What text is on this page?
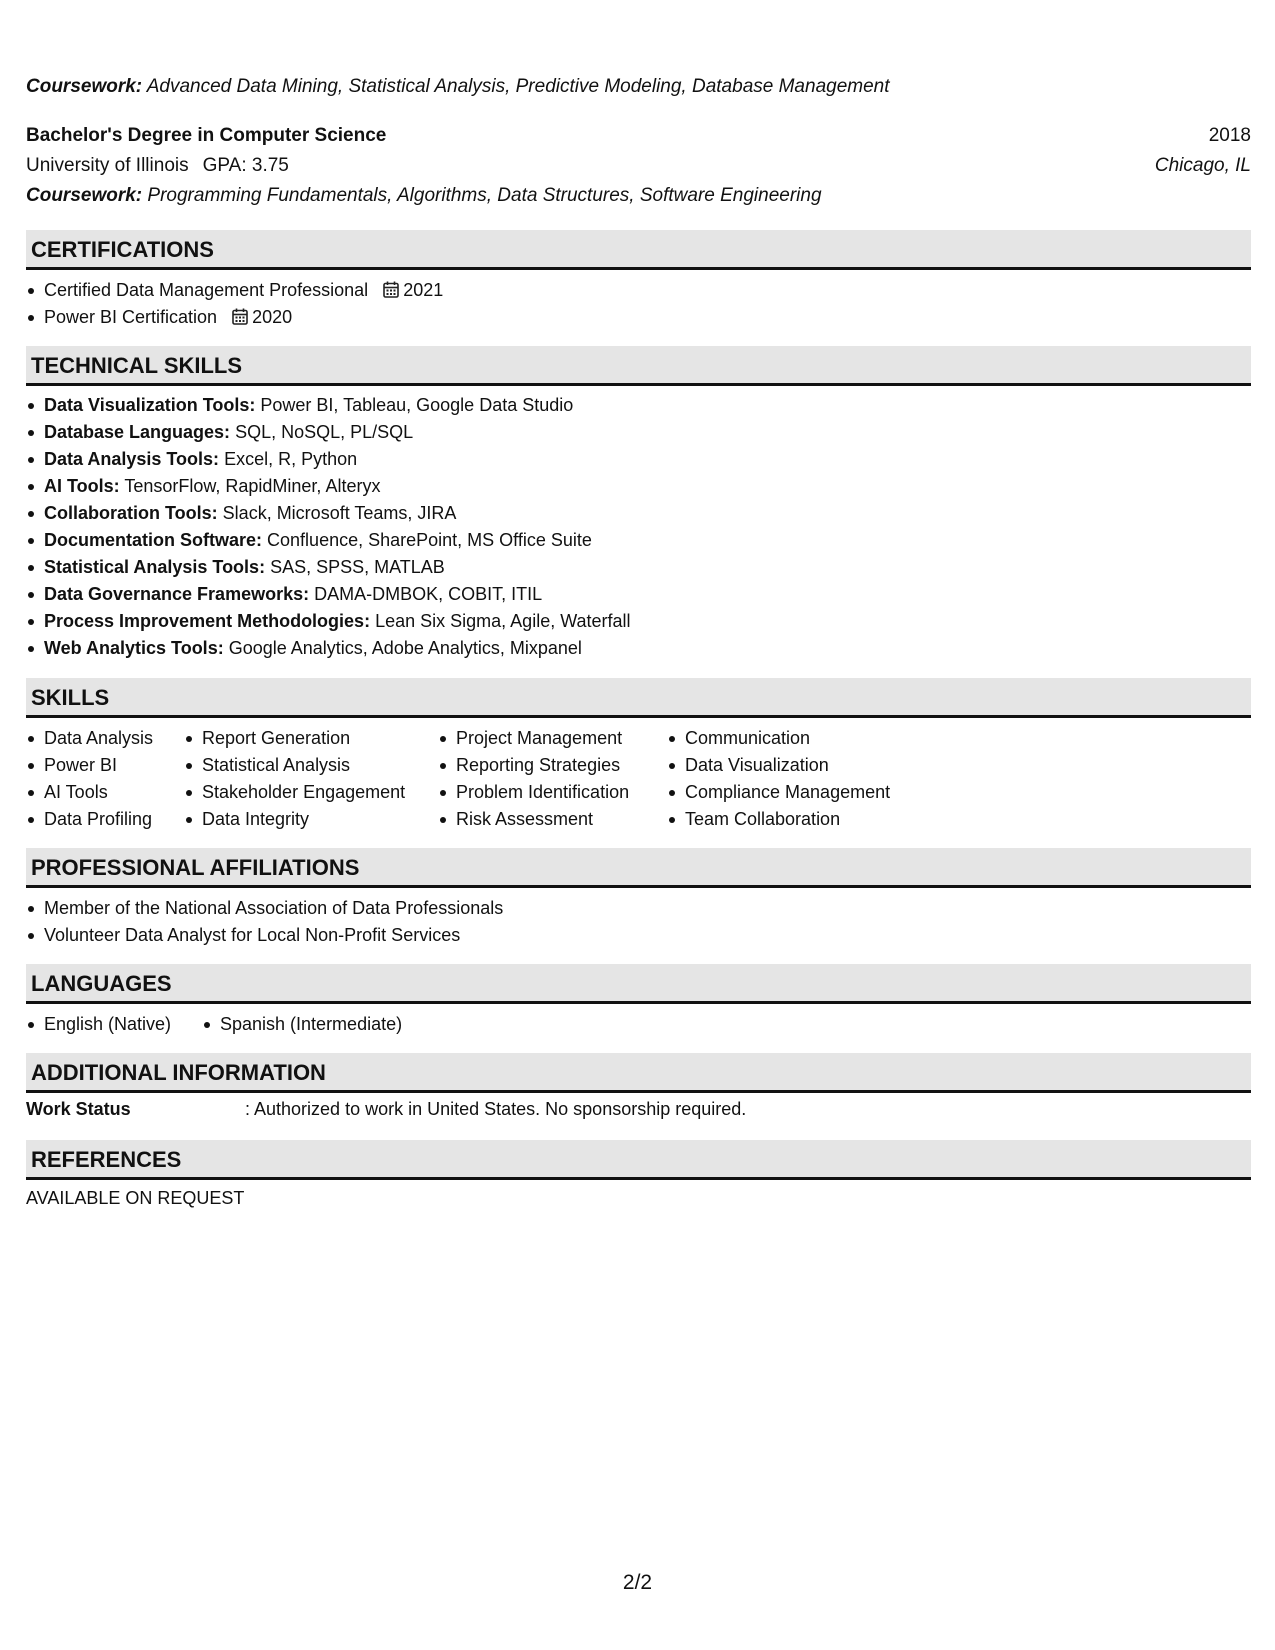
Coursework: Advanced Data Mining, Statistical Analysis, Predictive Modeling, Database Management
Bachelor's Degree in Computer Science	2018
University of Illinois GPA: 3.75	Chicago, IL
Coursework: Programming Fundamentals, Algorithms, Data Structures, Software Engineering
CERTIFICATIONS
Certified Data Management Professional 2021
Power BI Certification 2020
TECHNICAL SKILLS
Data Visualization Tools: Power BI, Tableau, Google Data Studio
Database Languages: SQL, NoSQL, PL/SQL
Data Analysis Tools: Excel, R, Python
AI Tools: TensorFlow, RapidMiner, Alteryx
Collaboration Tools: Slack, Microsoft Teams, JIRA
Documentation Software: Confluence, SharePoint, MS Office Suite
Statistical Analysis Tools: SAS, SPSS, MATLAB
Data Governance Frameworks: DAMA-DMBOK, COBIT, ITIL
Process Improvement Methodologies: Lean Six Sigma, Agile, Waterfall
Web Analytics Tools: Google Analytics, Adobe Analytics, Mixpanel
SKILLS
Data Analysis
Power BI
AI Tools
Data Profiling
Report Generation
Statistical Analysis
Stakeholder Engagement
Data Integrity
Project Management
Reporting Strategies
Problem Identification
Risk Assessment
Communication
Data Visualization
Compliance Management
Team Collaboration
PROFESSIONAL AFFILIATIONS
Member of the National Association of Data Professionals
Volunteer Data Analyst for Local Non-Profit Services
LANGUAGES
English (Native)	Spanish (Intermediate)
ADDITIONAL INFORMATION
Work Status	: Authorized to work in United States. No sponsorship required.
REFERENCES
AVAILABLE ON REQUEST
2/2
